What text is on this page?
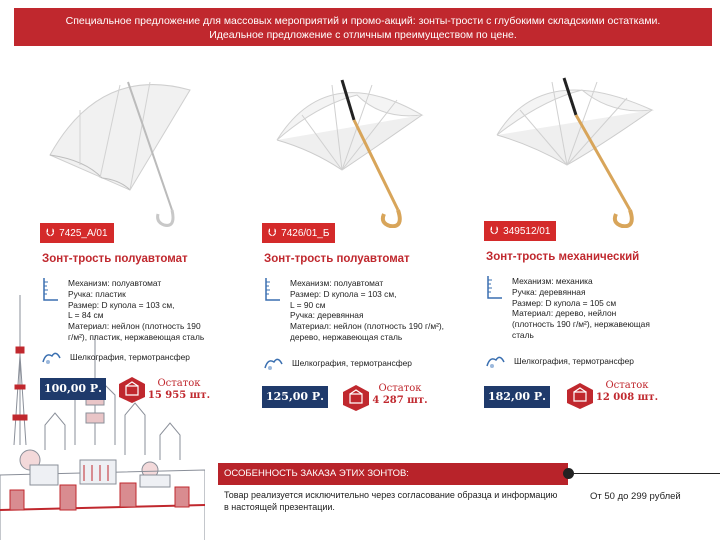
Специальное предложение для массовых мероприятий и промо-акций: зонты-трости с глубокими складскими остатками.
Идеальное предложение с отличным преимуществом по цене.
⮋ 7425_A/01
Зонт-трость полуавтомат
Механизм: полуавтомат
Ручка: пластик
Размер: D купола = 103 см,
L = 84 см
Материал: нейлон (плотность 190
г/м²), пластик, нержавеющая сталь
Шелкография, термотрансфер
100,00 Р.	Остаток
15 955 шт.
⮋ 7426/01_Б
Зонт-трость полуавтомат
Механизм: полуавтомат
Размер: D купола = 103 см,
L = 90 см
Ручка: деревянная
Материал: нейлон (плотность 190 г/м²),
дерево, нержавеющая сталь
Шелкография, термотрансфер
125,00 Р.
Остаток
4 287 шт.
⮋ 349512/01
Зонт-трость механический
Механизм: механика
Ручка: деревянная
Размер: D купола = 105 см
Материал: дерево, нейлон
(плотность 190 г/м²), нержавеющая
сталь
Шелкография, термотрансфер
182,00 Р.
Остаток
12 008 шт.
ОСОБЕННОСТЬ ЗАКАЗА ЭТИХ ЗОНТОВ:
Товар реализуется исключительно через согласование образца и информацию в настоящей презентации.
От 50 до 299 рублей
